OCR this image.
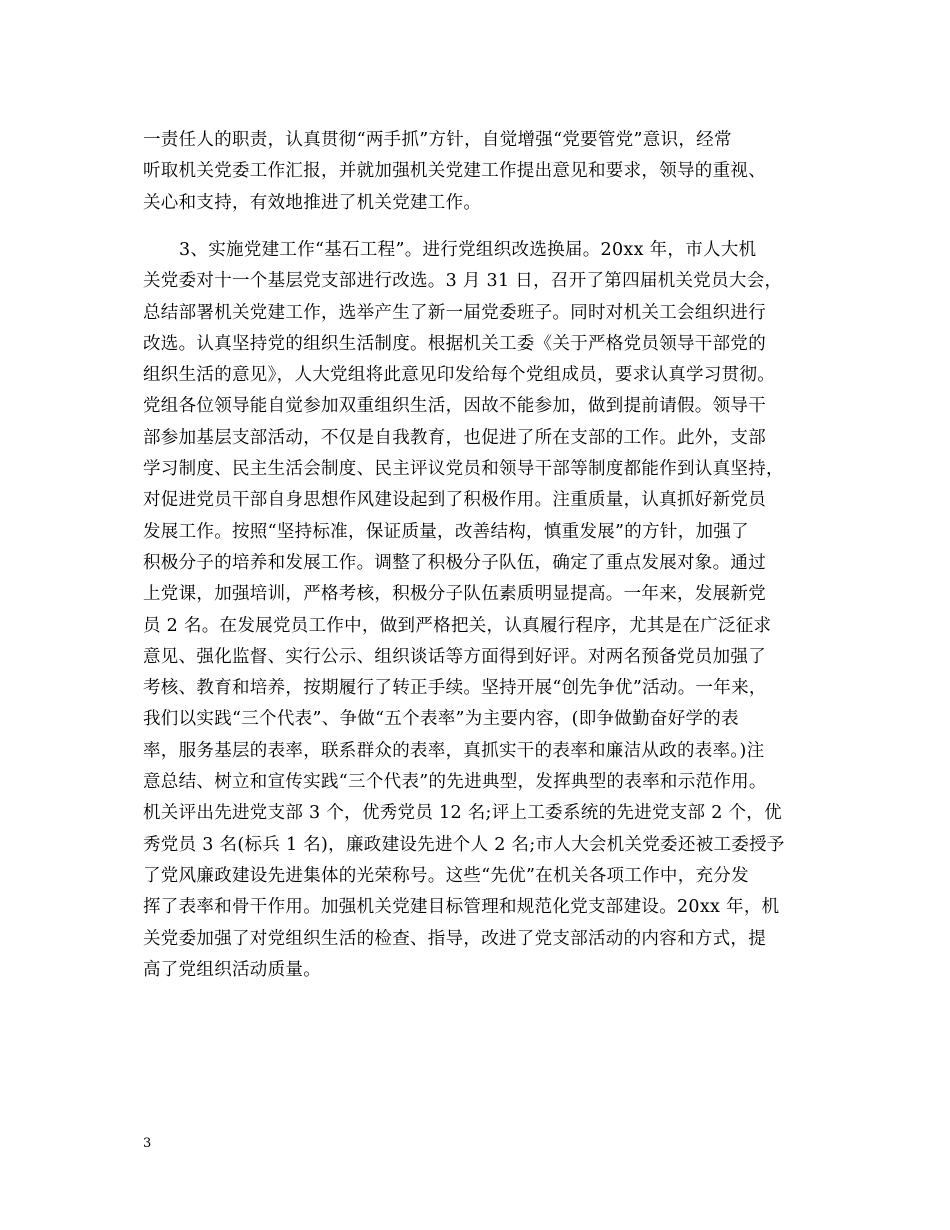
一责任人的职责，认真贯彻“两手抓”方针，自觉增强“党要管党”意识，经常
听取机关党委工作汇报，并就加强机关党建工作提出意见和要求，领导的重视、
关心和支持，有效地推进了机关党建工作。
3、实施党建工作“基石工程”。进行党组织改选换届。20xx 年，市人大机
关党委对十一个基层党支部进行改选。3 月 31 日，召开了第四届机关党员大会，
总结部署机关党建工作，选举产生了新一届党委班子。同时对机关工会组织进行
改选。认真坚持党的组织生活制度。根据机关工委《关于严格党员领导干部党的
组织生活的意见》，人大党组将此意见印发给每个党组成员，要求认真学习贯彻。
党组各位领导能自觉参加双重组织生活，因故不能参加，做到提前请假。领导干
部参加基层支部活动，不仅是自我教育，也促进了所在支部的工作。此外，支部
学习制度、民主生活会制度、民主评议党员和领导干部等制度都能作到认真坚持，
对促进党员干部自身思想作风建设起到了积极作用。注重质量，认真抓好新党员
发展工作。按照“坚持标准，保证质量，改善结构，慎重发展”的方针，加强了
积极分子的培养和发展工作。调整了积极分子队伍，确定了重点发展对象。通过
上党课，加强培训，严格考核，积极分子队伍素质明显提高。一年来，发展新党
员 2 名。在发展党员工作中，做到严格把关，认真履行程序，尤其是在广泛征求
意见、强化监督、实行公示、组织谈话等方面得到好评。对两名预备党员加强了
考核、教育和培养，按期履行了转正手续。坚持开展“创先争优”活动。一年来，
我们以实践“三个代表”、争做“五个表率”为主要内容，(即争做勤奋好学的表
率，服务基层的表率，联系群众的表率，真抓实干的表率和廉洁从政的表率。)注
意总结、树立和宣传实践“三个代表”的先进典型，发挥典型的表率和示范作用。
机关评出先进党支部 3 个，优秀党员 12 名;评上工委系统的先进党支部 2 个，优
秀党员 3 名(标兵 1 名)，廉政建设先进个人 2 名;市人大会机关党委还被工委授予
了党风廉政建设先进集体的光荣称号。这些“先优”在机关各项工作中，充分发
挥了表率和骨干作用。加强机关党建目标管理和规范化党支部建设。20xx 年，机
关党委加强了对党组织生活的检查、指导，改进了党支部活动的内容和方式，提
高了党组织活动质量。
3
